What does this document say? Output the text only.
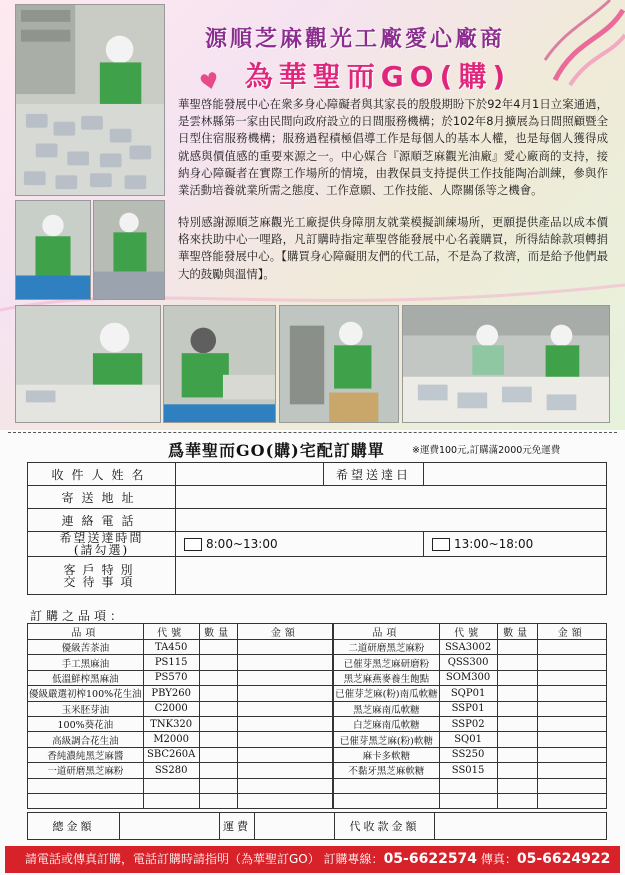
源順芝麻觀光工廠愛心廠商
♥ 為華聖而GO(購)
華聖啓能發展中心在衆多身心障礙者與其家長的殷殷期盼下於92年4月1日立案通過，是雲林縣第一家由民間向政府設立的日間服務機構；於102年8月擴展為日間照顧暨全日型住宿服務機構；服務過程積極倡導工作是每個人的基本人權，也是每個人獲得成就感與價值感的重要來源之一。中心媒合『源順芝麻觀光油廠』愛心廠商的支持，接納身心障礙者在實際工作場所的情境，由教保員支持提供工作技能陶冶訓練，參與作業活動培養就業所需之態度、工作意願、工作技能、人際關係等之機會。
特別感謝源順芝麻觀光工廠提供身障朋友就業模擬訓練場所，更願提供產品以成本價格來扶助中心一哩路，凡訂購時指定華聖啓能發展中心名義購買，所得結餘款項轉捐華聖啓能發展中心。【購買身心障礙朋友們的代工品，不是為了救濟，而是給予他們最大的鼓勵與溫情】。
爲華聖而GO(購)宅配訂購單	※運費100元,訂購滿2000元免運費
收件人姓名		希望送達日	
寄送地址			
連絡電話			

希望送達時間
(請勾選)	8:00~13:00		13:00~18:00

客戶特別
交待事項			

訂購之品項：
品項	代號	數量	金額	品項	代號	數量	金額
優級苦茶油	TA450			二道研磨黑芝麻粉	SSA3002		
手工黑麻油	PS115			已催芽黑芝麻研磨粉	QSS300		
低溫鮮榨黑麻油	PS570			黑芝麻燕麥養生飽點	SOM300		
優級嚴選初榨100%花生油	PBY260			已催芽芝麻(粉)南瓜軟糖	SQP01		
玉米胚芽油	C2000			黑芝麻南瓜軟糖	SSP01		
100%葵花油	TNK320			白芝麻南瓜軟糖	SSP02		
高級調合花生油	M2000			已催芽黑芝麻(粉)軟糖	SQ01		
香純濃純黑芝麻醬	SBC260A			麻卡多軟糖	SS250		
一道研磨黑芝麻粉	SS280			不黏牙黑芝麻軟糖	SS015		

總金額		運費		代收款金額	
請電話或傳真訂購，電話訂購時請指明（為華聖訂GO） 訂購專線：05-6622574 傳真：05-6624922
